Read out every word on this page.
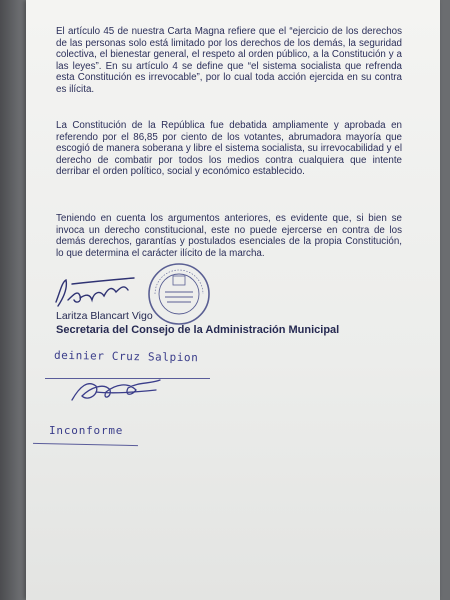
El artículo 45 de nuestra Carta Magna refiere que el “ejercicio de los derechos de las personas solo está limitado por los derechos de los demás, la seguridad colectiva, el bienestar general, el respeto al orden público, a la Constitución y a las leyes”. En su artículo 4 se define que “el sistema socialista que refrenda esta Constitución es irrevocable”, por lo cual toda acción ejercida en su contra es ilícita.
La Constitución de la República fue debatida ampliamente y aprobada en referendo por el 86,85 por ciento de los votantes, abrumadora mayoría que escogió de manera soberana y libre el sistema socialista, su irrevocabilidad y el derecho de combatir por todos los medios contra cualquiera que intente derribar el orden político, social y económico establecido.
Teniendo en cuenta los argumentos anteriores, es evidente que, si bien se invoca un derecho constitucional, este no puede ejercerse en contra de los demás derechos, garantías y postulados esenciales de la propia Constitución, lo que determina el carácter ilícito de la marcha.
Laritza Blancart Vigo
Secretaria del Consejo de la Administración Municipal
deinier Cruz Salpion
Inconforme
